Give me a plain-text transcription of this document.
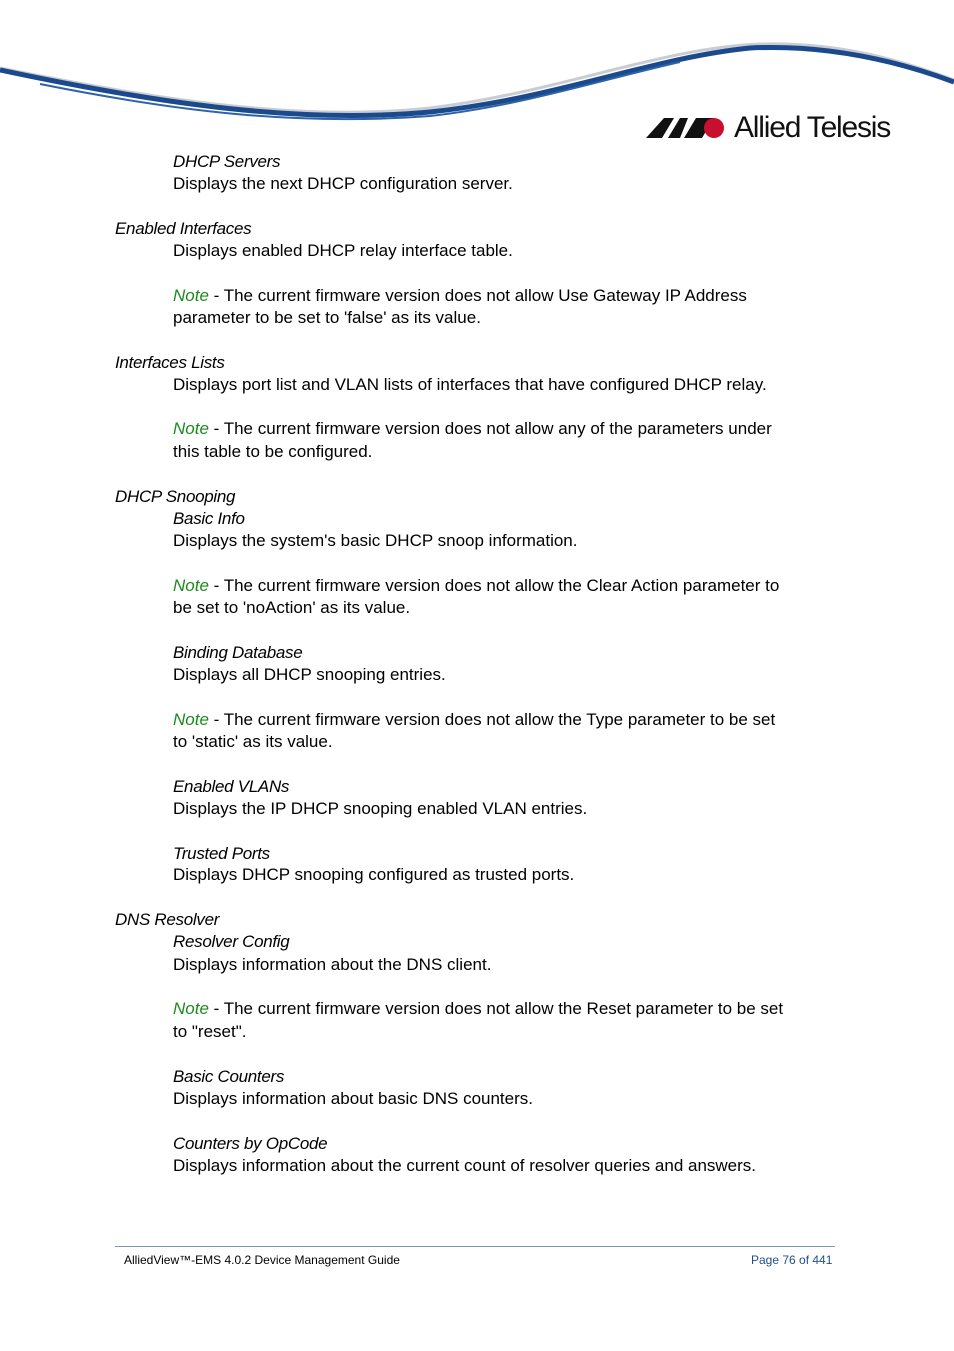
Allied Telesis
DHCP Servers
Displays the next DHCP configuration server.
Enabled Interfaces
Displays enabled DHCP relay interface table.
Note - The current firmware version does not allow Use Gateway IP Address
parameter to be set to 'false' as its value.
Interfaces Lists
Displays port list and VLAN lists of interfaces that have configured DHCP relay.
Note - The current firmware version does not allow any of the parameters under
this table to be configured.
DHCP Snooping
Basic Info
Displays the system's basic DHCP snoop information.
Note - The current firmware version does not allow the Clear Action parameter to
be set to 'noAction' as its value.
Binding Database
Displays all DHCP snooping entries.
Note - The current firmware version does not allow the Type parameter to be set
to 'static' as its value.
Enabled VLANs
Displays the IP DHCP snooping enabled VLAN entries.
Trusted Ports
Displays DHCP snooping configured as trusted ports.
DNS Resolver
Resolver Config
Displays information about the DNS client.
Note - The current firmware version does not allow the Reset parameter to be set
to "reset".
Basic Counters
Displays information about basic DNS counters.
Counters by OpCode
Displays information about the current count of resolver queries and answers.
AlliedView™-EMS 4.0.2 Device Management Guide	Page 76 of 441
